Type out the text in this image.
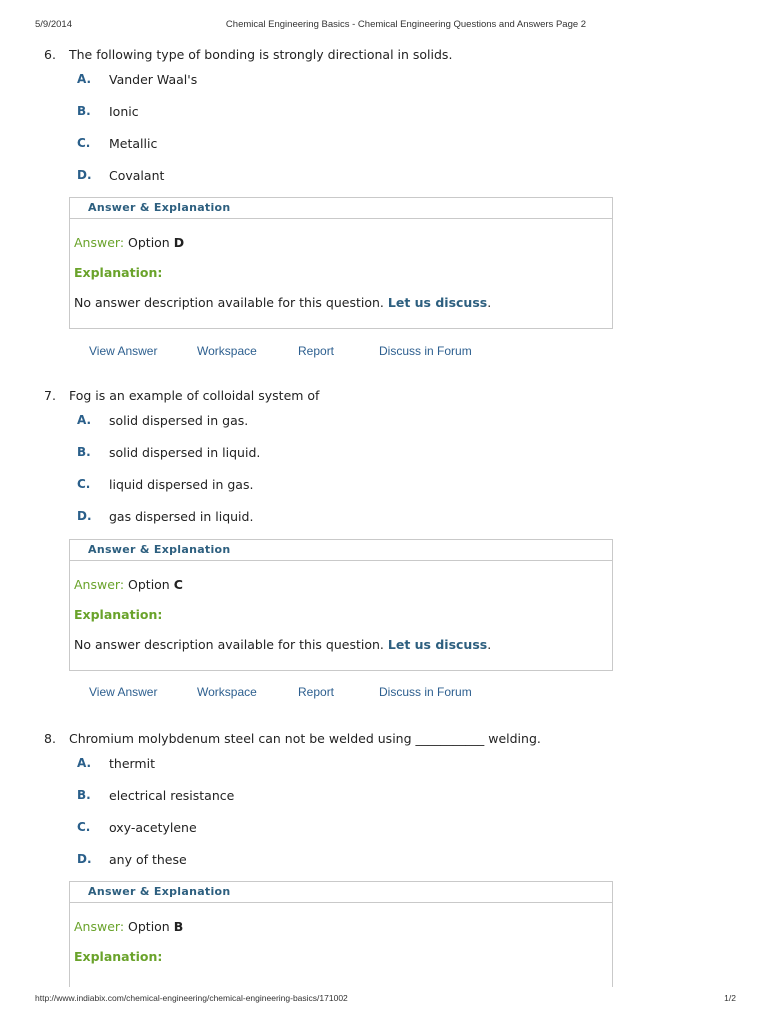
5/9/2014	Chemical Engineering Basics - Chemical Engineering Questions and Answers Page 2
6. The following type of bonding is strongly directional in solids.
A. Vander Waal's
B. Ionic
C. Metallic
D. Covalant
Answer & Explanation
Answer: Option D
Explanation:
No answer description available for this question. Let us discuss.
View Answer	Workspace	Report	Discuss in Forum
7. Fog is an example of colloidal system of
A. solid dispersed in gas.
B. solid dispersed in liquid.
C. liquid dispersed in gas.
D. gas dispersed in liquid.
Answer & Explanation
Answer: Option C
Explanation:
No answer description available for this question. Let us discuss.
View Answer	Workspace	Report	Discuss in Forum
8. Chromium molybdenum steel can not be welded using ___________ welding.
A. thermit
B. electrical resistance
C. oxy-acetylene
D. any of these
Answer & Explanation
Answer: Option B
Explanation:
http://www.indiabix.com/chemical-engineering/chemical-engineering-basics/171002	1/2
